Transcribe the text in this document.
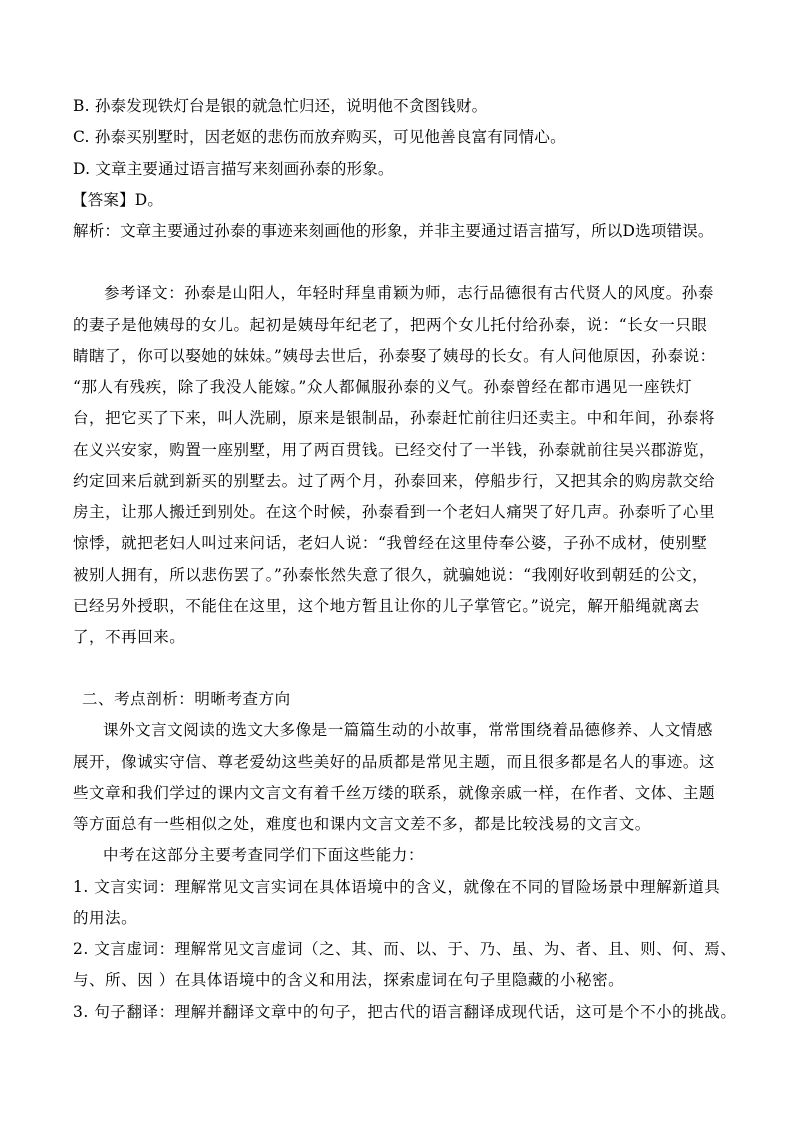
B. 孙泰发现铁灯台是银的就急忙归还，说明他不贪图钱财。
C. 孙泰买别墅时，因老妪的悲伤而放弃购买，可见他善良富有同情心。
D. 文章主要通过语言描写来刻画孙泰的形象。
【答案】D。
解析：文章主要通过孙泰的事迹来刻画他的形象，并非主要通过语言描写，所以D选项错误。
参考译文：孙泰是山阳人，年轻时拜皇甫颖为师，志行品德很有古代贤人的风度。孙泰
的妻子是他姨母的女儿。起初是姨母年纪老了，把两个女儿托付给孙泰，说：“长女一只眼
睛瞎了，你可以娶她的妹妹。”姨母去世后，孙泰娶了姨母的长女。有人问他原因，孙泰说：
“那人有残疾，除了我没人能嫁。”众人都佩服孙泰的义气。孙泰曾经在都市遇见一座铁灯
台，把它买了下来，叫人洗刷，原来是银制品，孙泰赶忙前往归还卖主。中和年间，孙泰将
在义兴安家，购置一座别墅，用了两百贯钱。已经交付了一半钱，孙泰就前往吴兴郡游览，
约定回来后就到新买的别墅去。过了两个月，孙泰回来，停船步行，又把其余的购房款交给
房主，让那人搬迁到别处。在这个时候，孙泰看到一个老妇人痛哭了好几声。孙泰听了心里
惊悸，就把老妇人叫过来问话，老妇人说：“我曾经在这里侍奉公婆，子孙不成材，使别墅
被别人拥有，所以悲伤罢了。”孙泰怅然失意了很久，就骗她说：“我刚好收到朝廷的公文，
已经另外授职，不能住在这里，这个地方暂且让你的儿子掌管它。”说完，解开船绳就离去
了，不再回来。
二、考点剖析：明晰考查方向
课外文言文阅读的选文大多像是一篇篇生动的小故事，常常围绕着品德修养、人文情感
展开，像诚实守信、尊老爱幼这些美好的品质都是常见主题，而且很多都是名人的事迹。这
些文章和我们学过的课内文言文有着千丝万缕的联系，就像亲戚一样，在作者、文体、主题
等方面总有一些相似之处，难度也和课内文言文差不多，都是比较浅易的文言文。
中考在这部分主要考查同学们下面这些能力：
1. 文言实词：理解常见文言实词在具体语境中的含义，就像在不同的冒险场景中理解新道具
的用法。
2. 文言虚词：理解常见文言虚词（之、其、而、以、于、乃、虽、为、者、且、则、何、焉、
与、所、因 ）在具体语境中的含义和用法，探索虚词在句子里隐藏的小秘密。
3. 句子翻译：理解并翻译文章中的句子，把古代的语言翻译成现代话，这可是个不小的挑战。
